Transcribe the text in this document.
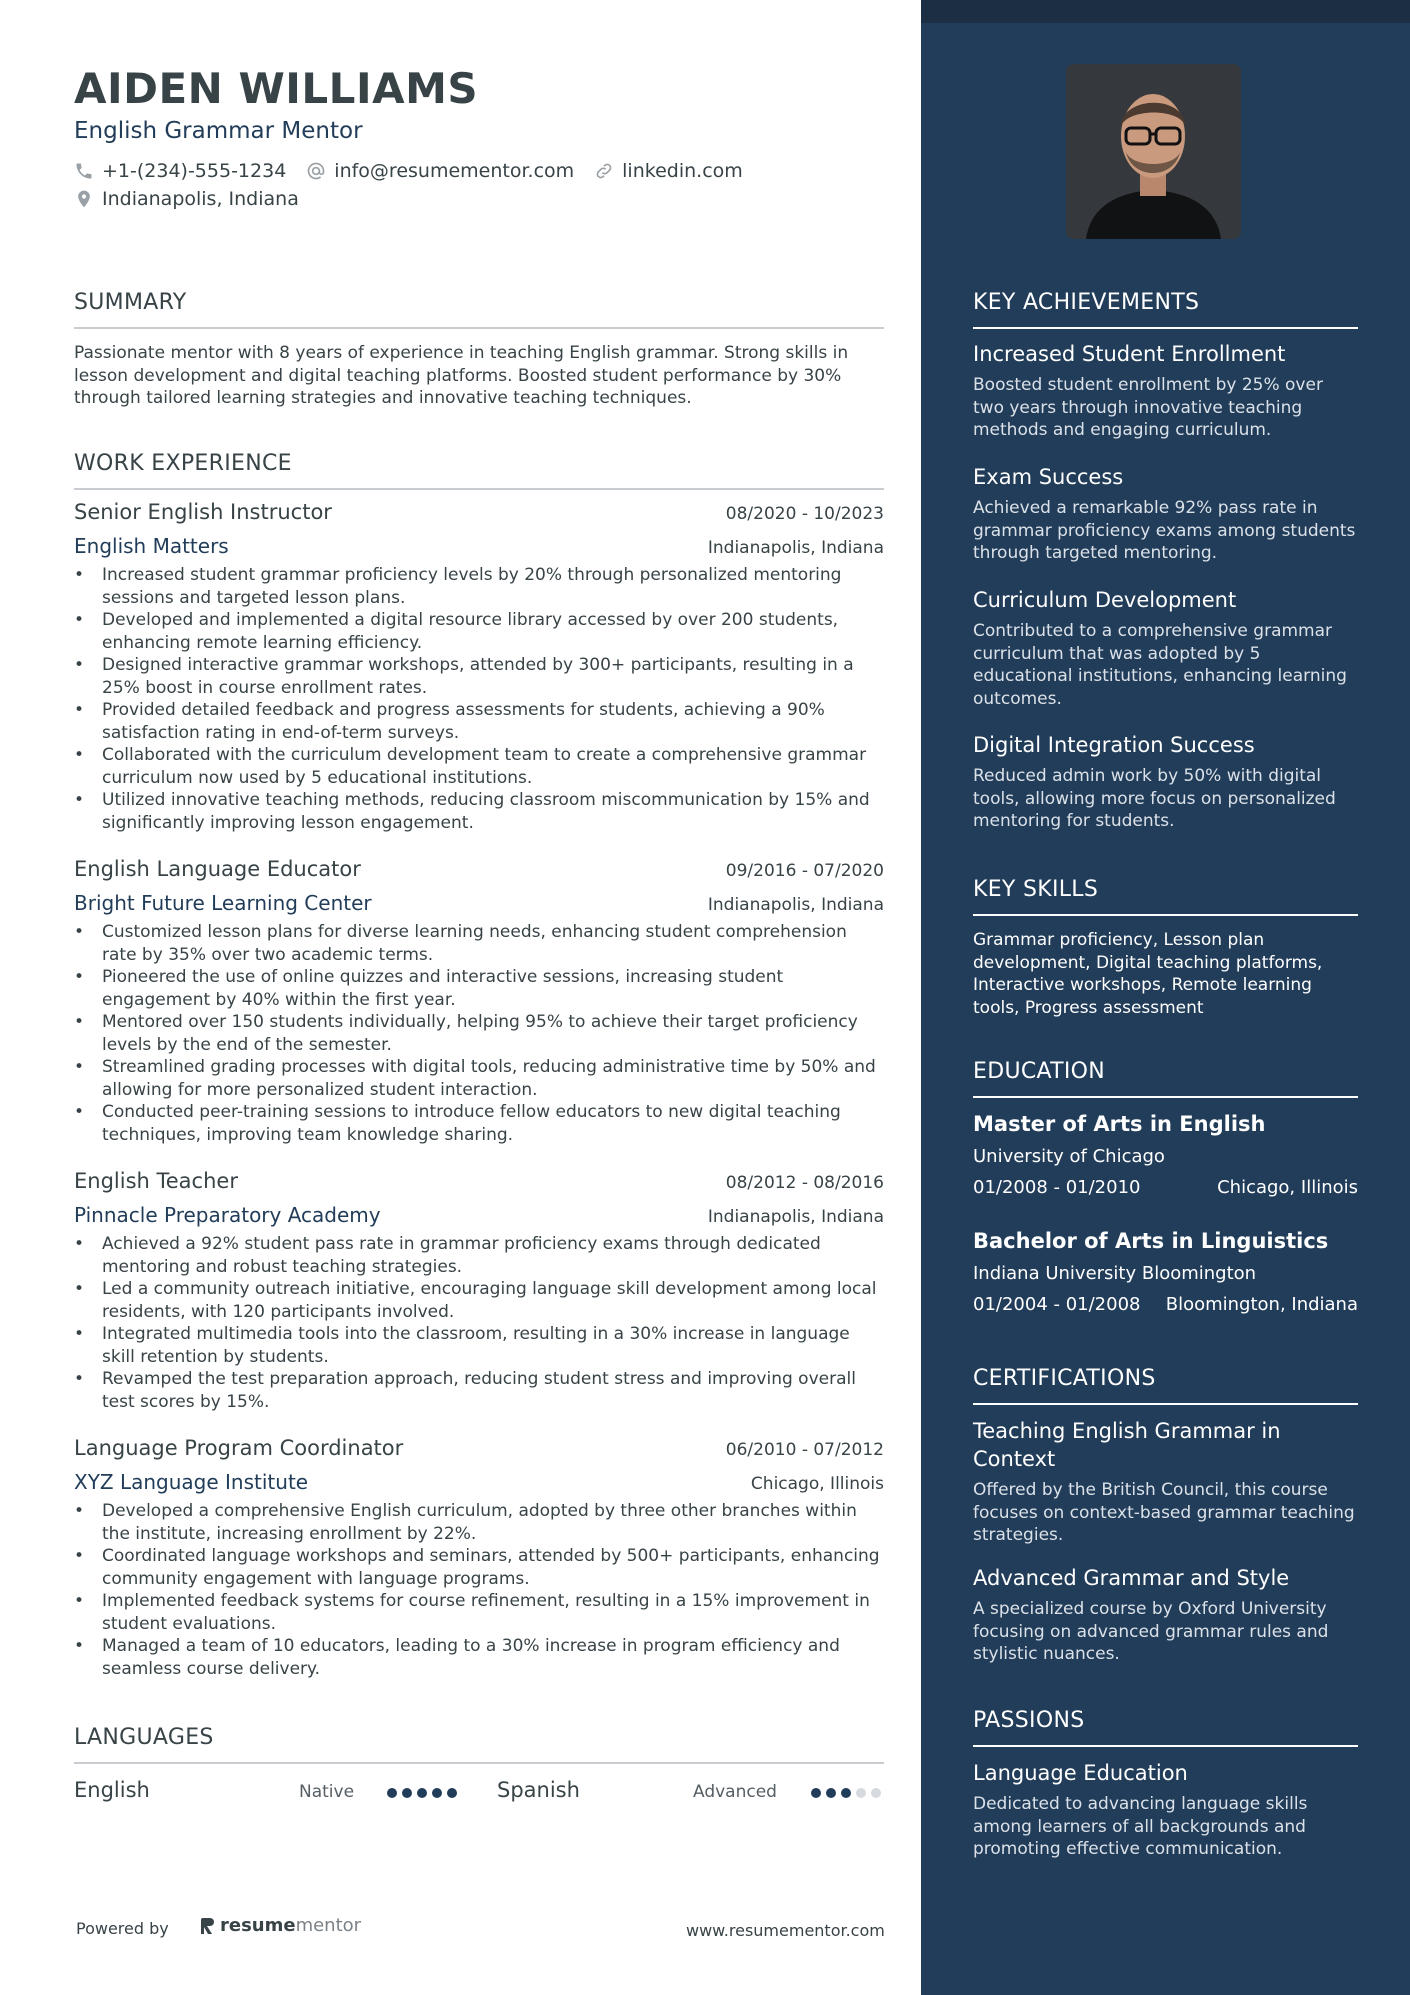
AIDEN WILLIAMS
English Grammar Mentor
+1-(234)-555-1234	info@resumementor.com	linkedin.com
Indianapolis, Indiana
SUMMARY
Passionate mentor with 8 years of experience in teaching English grammar. Strong skills in lesson development and digital teaching platforms. Boosted student performance by 30% through tailored learning strategies and innovative teaching techniques.
WORK EXPERIENCE
Senior English Instructor	08/2020 - 10/2023
English Matters	Indianapolis, Indiana
• Increased student grammar proficiency levels by 20% through personalized mentoring sessions and targeted lesson plans.
• Developed and implemented a digital resource library accessed by over 200 students, enhancing remote learning efficiency.
• Designed interactive grammar workshops, attended by 300+ participants, resulting in a 25% boost in course enrollment rates.
• Provided detailed feedback and progress assessments for students, achieving a 90% satisfaction rating in end-of-term surveys.
• Collaborated with the curriculum development team to create a comprehensive grammar curriculum now used by 5 educational institutions.
• Utilized innovative teaching methods, reducing classroom miscommunication by 15% and significantly improving lesson engagement.
English Language Educator	09/2016 - 07/2020
Bright Future Learning Center	Indianapolis, Indiana
• Customized lesson plans for diverse learning needs, enhancing student comprehension rate by 35% over two academic terms.
• Pioneered the use of online quizzes and interactive sessions, increasing student engagement by 40% within the first year.
• Mentored over 150 students individually, helping 95% to achieve their target proficiency levels by the end of the semester.
• Streamlined grading processes with digital tools, reducing administrative time by 50% and allowing for more personalized student interaction.
• Conducted peer-training sessions to introduce fellow educators to new digital teaching techniques, improving team knowledge sharing.
English Teacher	08/2012 - 08/2016
Pinnacle Preparatory Academy	Indianapolis, Indiana
• Achieved a 92% student pass rate in grammar proficiency exams through dedicated mentoring and robust teaching strategies.
• Led a community outreach initiative, encouraging language skill development among local residents, with 120 participants involved.
• Integrated multimedia tools into the classroom, resulting in a 30% increase in language skill retention by students.
• Revamped the test preparation approach, reducing student stress and improving overall test scores by 15%.
Language Program Coordinator	06/2010 - 07/2012
XYZ Language Institute	Chicago, Illinois
• Developed a comprehensive English curriculum, adopted by three other branches within the institute, increasing enrollment by 22%.
• Coordinated language workshops and seminars, attended by 500+ participants, enhancing community engagement with language programs.
• Implemented feedback systems for course refinement, resulting in a 15% improvement in student evaluations.
• Managed a team of 10 educators, leading to a 30% increase in program efficiency and seamless course delivery.
LANGUAGES
English	Native	Spanish	Advanced
Powered by	resume mentor	www.resumementor.com
KEY ACHIEVEMENTS
Increased Student Enrollment
Boosted student enrollment by 25% over two years through innovative teaching methods and engaging curriculum.
Exam Success
Achieved a remarkable 92% pass rate in grammar proficiency exams among students through targeted mentoring.
Curriculum Development
Contributed to a comprehensive grammar curriculum that was adopted by 5 educational institutions, enhancing learning outcomes.
Digital Integration Success
Reduced admin work by 50% with digital tools, allowing more focus on personalized mentoring for students.
KEY SKILLS
Grammar proficiency, Lesson plan development, Digital teaching platforms, Interactive workshops, Remote learning tools, Progress assessment
EDUCATION
Master of Arts in English
University of Chicago
01/2008 - 01/2010	Chicago, Illinois
Bachelor of Arts in Linguistics
Indiana University Bloomington
01/2004 - 01/2008 Bloomington, Indiana
CERTIFICATIONS
Teaching English Grammar in Context
Offered by the British Council, this course focuses on context-based grammar teaching strategies.
Advanced Grammar and Style
A specialized course by Oxford University focusing on advanced grammar rules and stylistic nuances.
PASSIONS
Language Education
Dedicated to advancing language skills among learners of all backgrounds and promoting effective communication.
